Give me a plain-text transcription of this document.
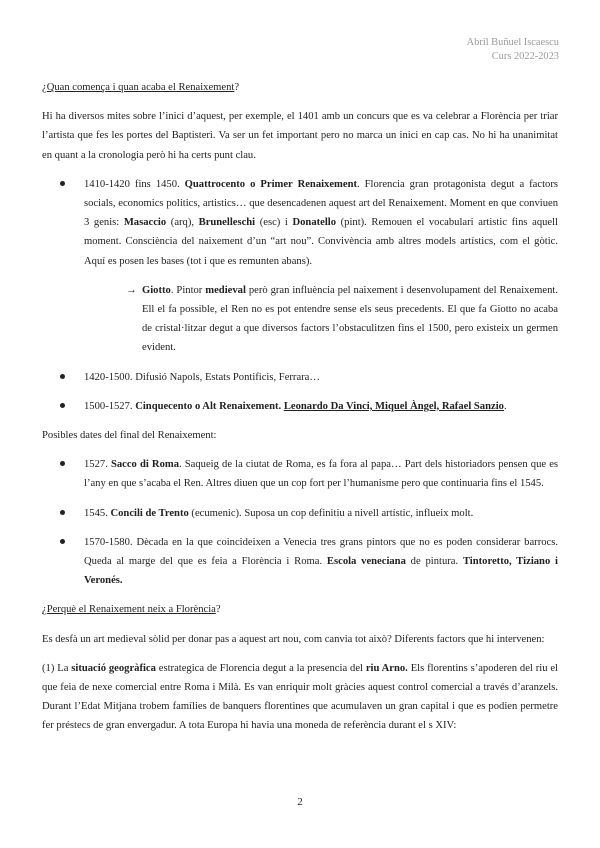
Abril Buñuel Iscaescu
Curs 2022-2023

¿Quan comença i quan acaba el Renaixement?

Hi ha diversos mites sobre l’inici d’aquest, per exemple, el 1401 amb un concurs que es va celebrar a Florència per triar l’artista que fes les portes del Baptisteri. Va ser un fet important pero no marca un inici en cap cas. No hi ha unanimitat en quant a la cronologia però hi ha certs punt clau.

1410-1420 fins 1450. Quattrocento o Primer Renaixement. Florencia gran protagonista degut a factors socials, economics politics, artistics… que desencadenen aquest art del Renaixement. Moment en que conviuen 3 genis: Masaccio (arq), Brunelleschi (esc) i Donatello (pint). Remouen el vocabulari artistic fins aquell moment. Consciència del naixement d’un “art nou”. Convivència amb altres models artístics, com el gòtic. Aquí es posen les bases (tot i que es remunten abans).
→ Giotto. Pintor medieval però gran influència pel naixement i desenvolupament del Renaixement. Ell el fa possible, el Ren no es pot entendre sense els seus precedents. El que fa Giotto no acaba de cristal·litzar degut a que diversos factors l’obstaculitzen fins el 1500, pero existeix un germen evident.
1420-1500. Difusió Napols, Estats Pontificis, Ferrara…
1500-1527. Cinquecento o Alt Renaixement. Leonardo Da Vinci, Miquel Àngel, Rafael Sanzio.

Posibles dates del final del Renaixement:

1527. Sacco di Roma. Saqueig de la ciutat de Roma, es fa fora al papa… Part dels historiadors pensen que es l’any en que s’acaba el Ren. Altres diuen que un cop fort per l’humanisme pero que continuaria fins el 1545.
1545. Concili de Trento (ecumenic). Suposa un cop definitiu a nivell artístic, influeix molt.
1570-1580. Dècada en la que coincideixen a Venecia tres grans pintors que no es poden considerar barrocs. Queda al marge del que es feia a Florència i Roma. Escola veneciana de pintura. Tintoretto, Tiziano i Veronés.

¿Perquè el Renaixement neix a Florència?

Es desfà un art medieval sòlid per donar pas a aquest art nou, com canvia tot això? Diferents factors que hi intervenen:

(1) La situació geogràfica estrategica de Florencia degut a la presencia del riu Arno. Els florentins s’apoderen del riu el que feia de nexe comercial entre Roma i Milà. Es van enriquir molt gràcies aquest control comercial a través d’aranzels. Durant l’Edat Mitjana trobem famílies de banquers florentines que acumulaven un gran capital i que es podien permetre fer préstecs de gran envergadur. A tota Europa hi havia una moneda de referència durant el s XIV:

2
